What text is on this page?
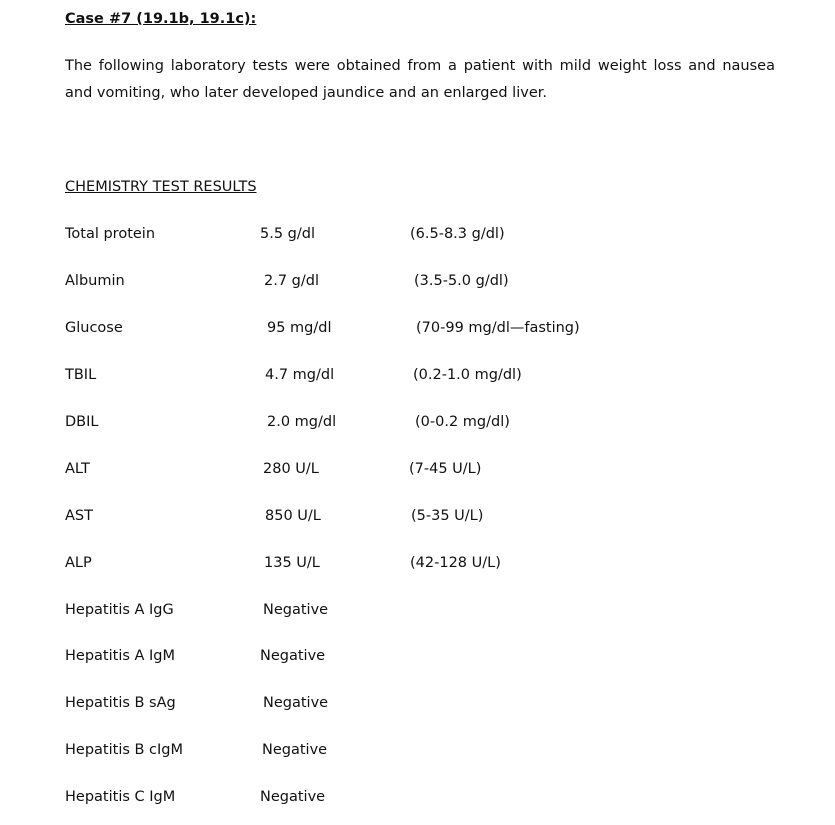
Case #7 (19.1b, 19.1c):
The following laboratory tests were obtained from a patient with mild weight loss and nausea and vomiting, who later developed jaundice and an enlarged liver.
CHEMISTRY TEST RESULTS
Total protein	5.5 g/dl	(6.5-8.3 g/dl)
Albumin	2.7 g/dl	(3.5-5.0 g/dl)
Glucose	95 mg/dl	(70-99 mg/dl—fasting)
TBIL	4.7 mg/dl	(0.2-1.0 mg/dl)
DBIL	2.0 mg/dl	(0-0.2 mg/dl)
ALT	280 U/L	(7-45 U/L)
AST	850 U/L	(5-35 U/L)
ALP	135 U/L	(42-128 U/L)
Hepatitis A IgG	Negative
Hepatitis A IgM	Negative
Hepatitis B sAg	Negative
Hepatitis B cIgM	Negative
Hepatitis C IgM	Negative
